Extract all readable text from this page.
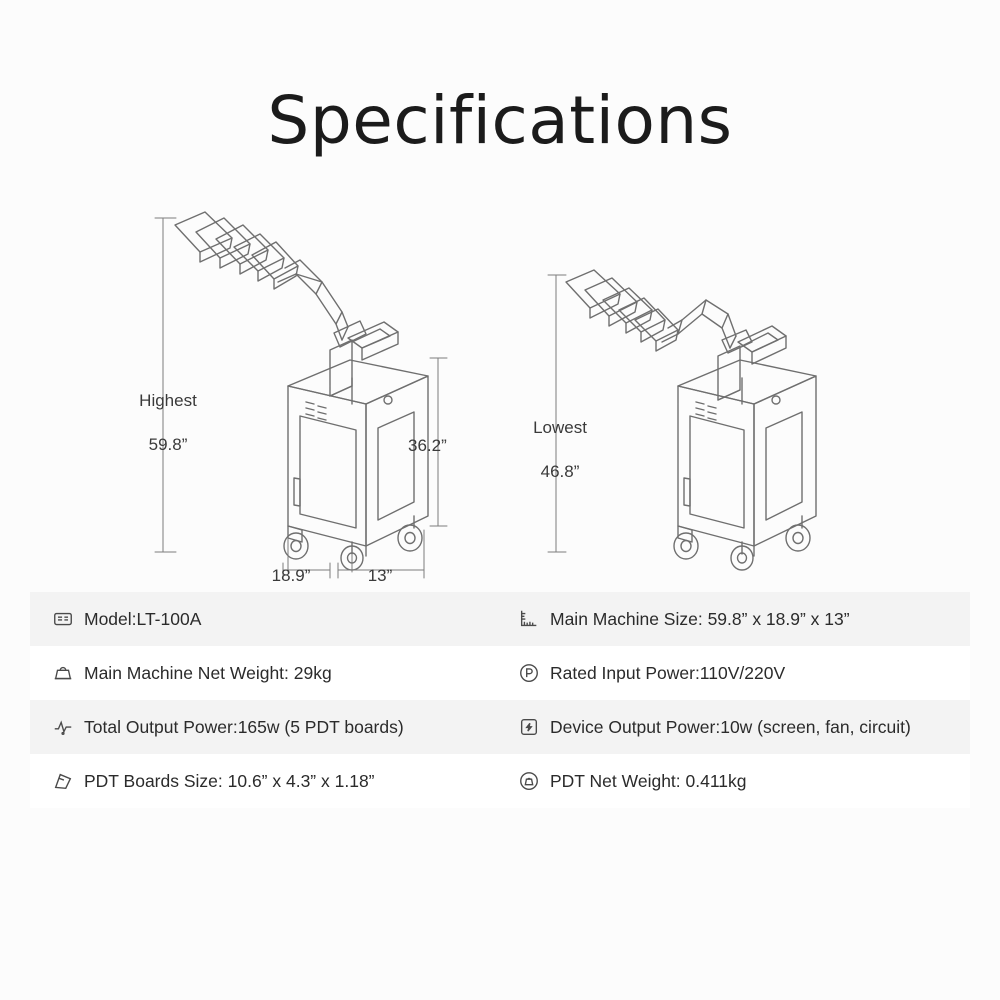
Specifications

Highest

59.8”	36.2”
18.9”	13”

Lowest

46.8”

Model:LT-100A	Main Machine Size: 59.8” x 18.9” x 13”
Main Machine Net Weight: 29kg	Rated Input Power:110V/220V
Total Output Power:165w (5 PDT boards)	Device Output Power:10w (screen, fan, circuit)
PDT Boards Size: 10.6” x 4.3” x 1.18”	PDT Net Weight: 0.411kg
